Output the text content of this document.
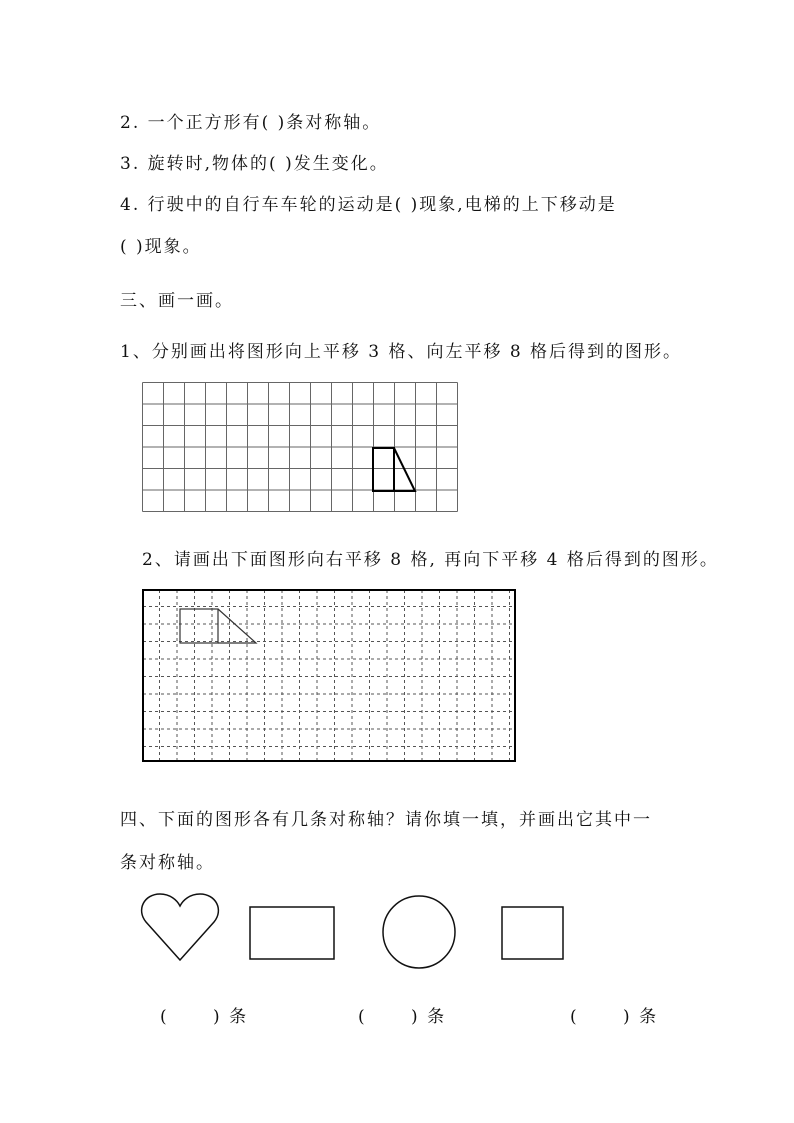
2. 一个正方形有( )条对称轴。
3. 旋转时,物体的( )发生变化。
4. 行驶中的自行车车轮的运动是( )现象,电梯的上下移动是
( )现象。
三、画一画。
1、分别画出将图形向上平移 3 格、向左平移 8 格后得到的图形。
2、请画出下面图形向右平移 8 格, 再向下平移 4 格后得到的图形。
四、下面的图形各有几条对称轴？请你填一填，并画出它其中一
条对称轴。
(      ) 条	(      ) 条	(      ) 条
